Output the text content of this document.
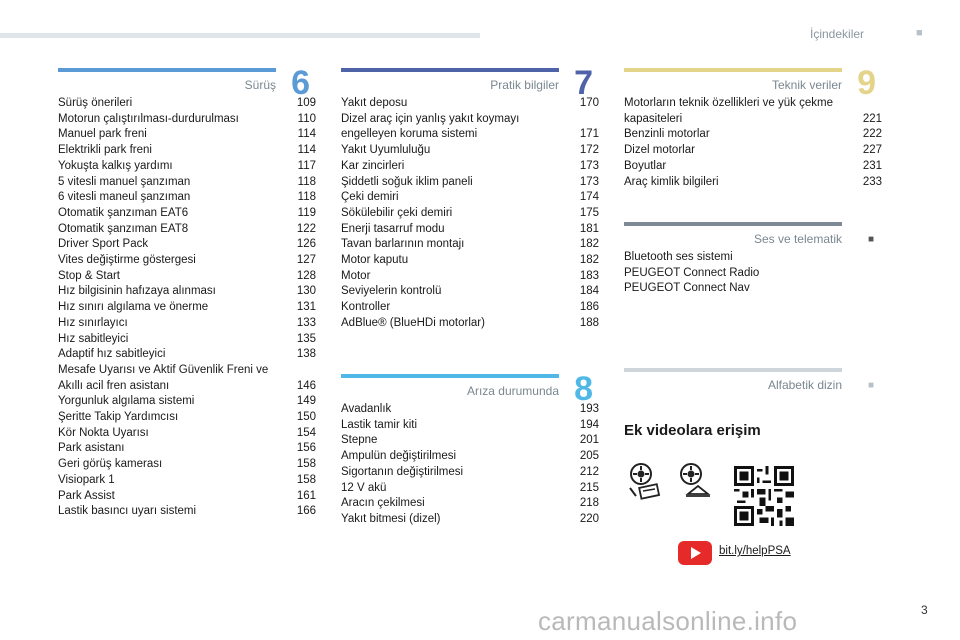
İçindekiler	■
Sürüş 6
Sürüş önerileri	109
Motorun çalıştırılması-durdurulması	110
Manuel park freni	114
Elektrikli park freni	114
Yokuşta kalkış yardımı	117
5 vitesli manuel şanzıman	118
6 vitesli maneul şanzıman	118
Otomatik şanzıman EAT6	119
Otomatik şanzıman EAT8	122
Driver Sport Pack	126
Vites değiştirme göstergesi	127
Stop & Start	128
Hız bilgisinin hafızaya alınması	130
Hız sınırı algılama ve önerme	131
Hız sınırlayıcı	133
Hız sabitleyici	135
Adaptif hız sabitleyici	138
Mesafe Uyarısı ve Aktif Güvenlik Freni ve Akıllı acil fren asistanı	146
Yorgunluk algılama sistemi	149
Şeritte Takip Yardımcısı	150
Kör Nokta Uyarısı	154
Park asistanı	156
Geri görüş kamerası	158
Visiopark 1	158
Park Assist	161
Lastik basıncı uyarı sistemi	166
Pratik bilgiler 7
Yakıt deposu	170
Dizel araç için yanlış yakıt koymayı engelleyen koruma sistemi	171
Yakıt Uyumluluğu	172
Kar zincirleri	173
Şiddetli soğuk iklim paneli	173
Çeki demiri	174
Sökülebilir çeki demiri	175
Enerji tasarruf modu	181
Tavan barlarının montajı	182
Motor kaputu	182
Motor	183
Seviyelerin kontrolü	184
Kontroller	186
AdBlue® (BlueHDi motorlar)	188
Arıza durumunda 8
Avadanlık	193
Lastik tamir kiti	194
Stepne	201
Ampulün değiştirilmesi	205
Sigortanın değiştirilmesi	212
12 V akü	215
Aracın çekilmesi	218
Yakıt bitmesi (dizel)	220
Teknik veriler 9
Motorların teknik özellikleri ve yük çekme kapasiteleri	221
Benzinli motorlar	222
Dizel motorlar	227
Boyutlar	231
Araç kimlik bilgileri	233
Ses ve telematik	■
Bluetooth ses sistemi
PEUGEOT Connect Radio
PEUGEOT Connect Nav
Alfabetik dizin	■
Ek videolara erişim
bit.ly/helpPSA
3
carmanualsonline.info
